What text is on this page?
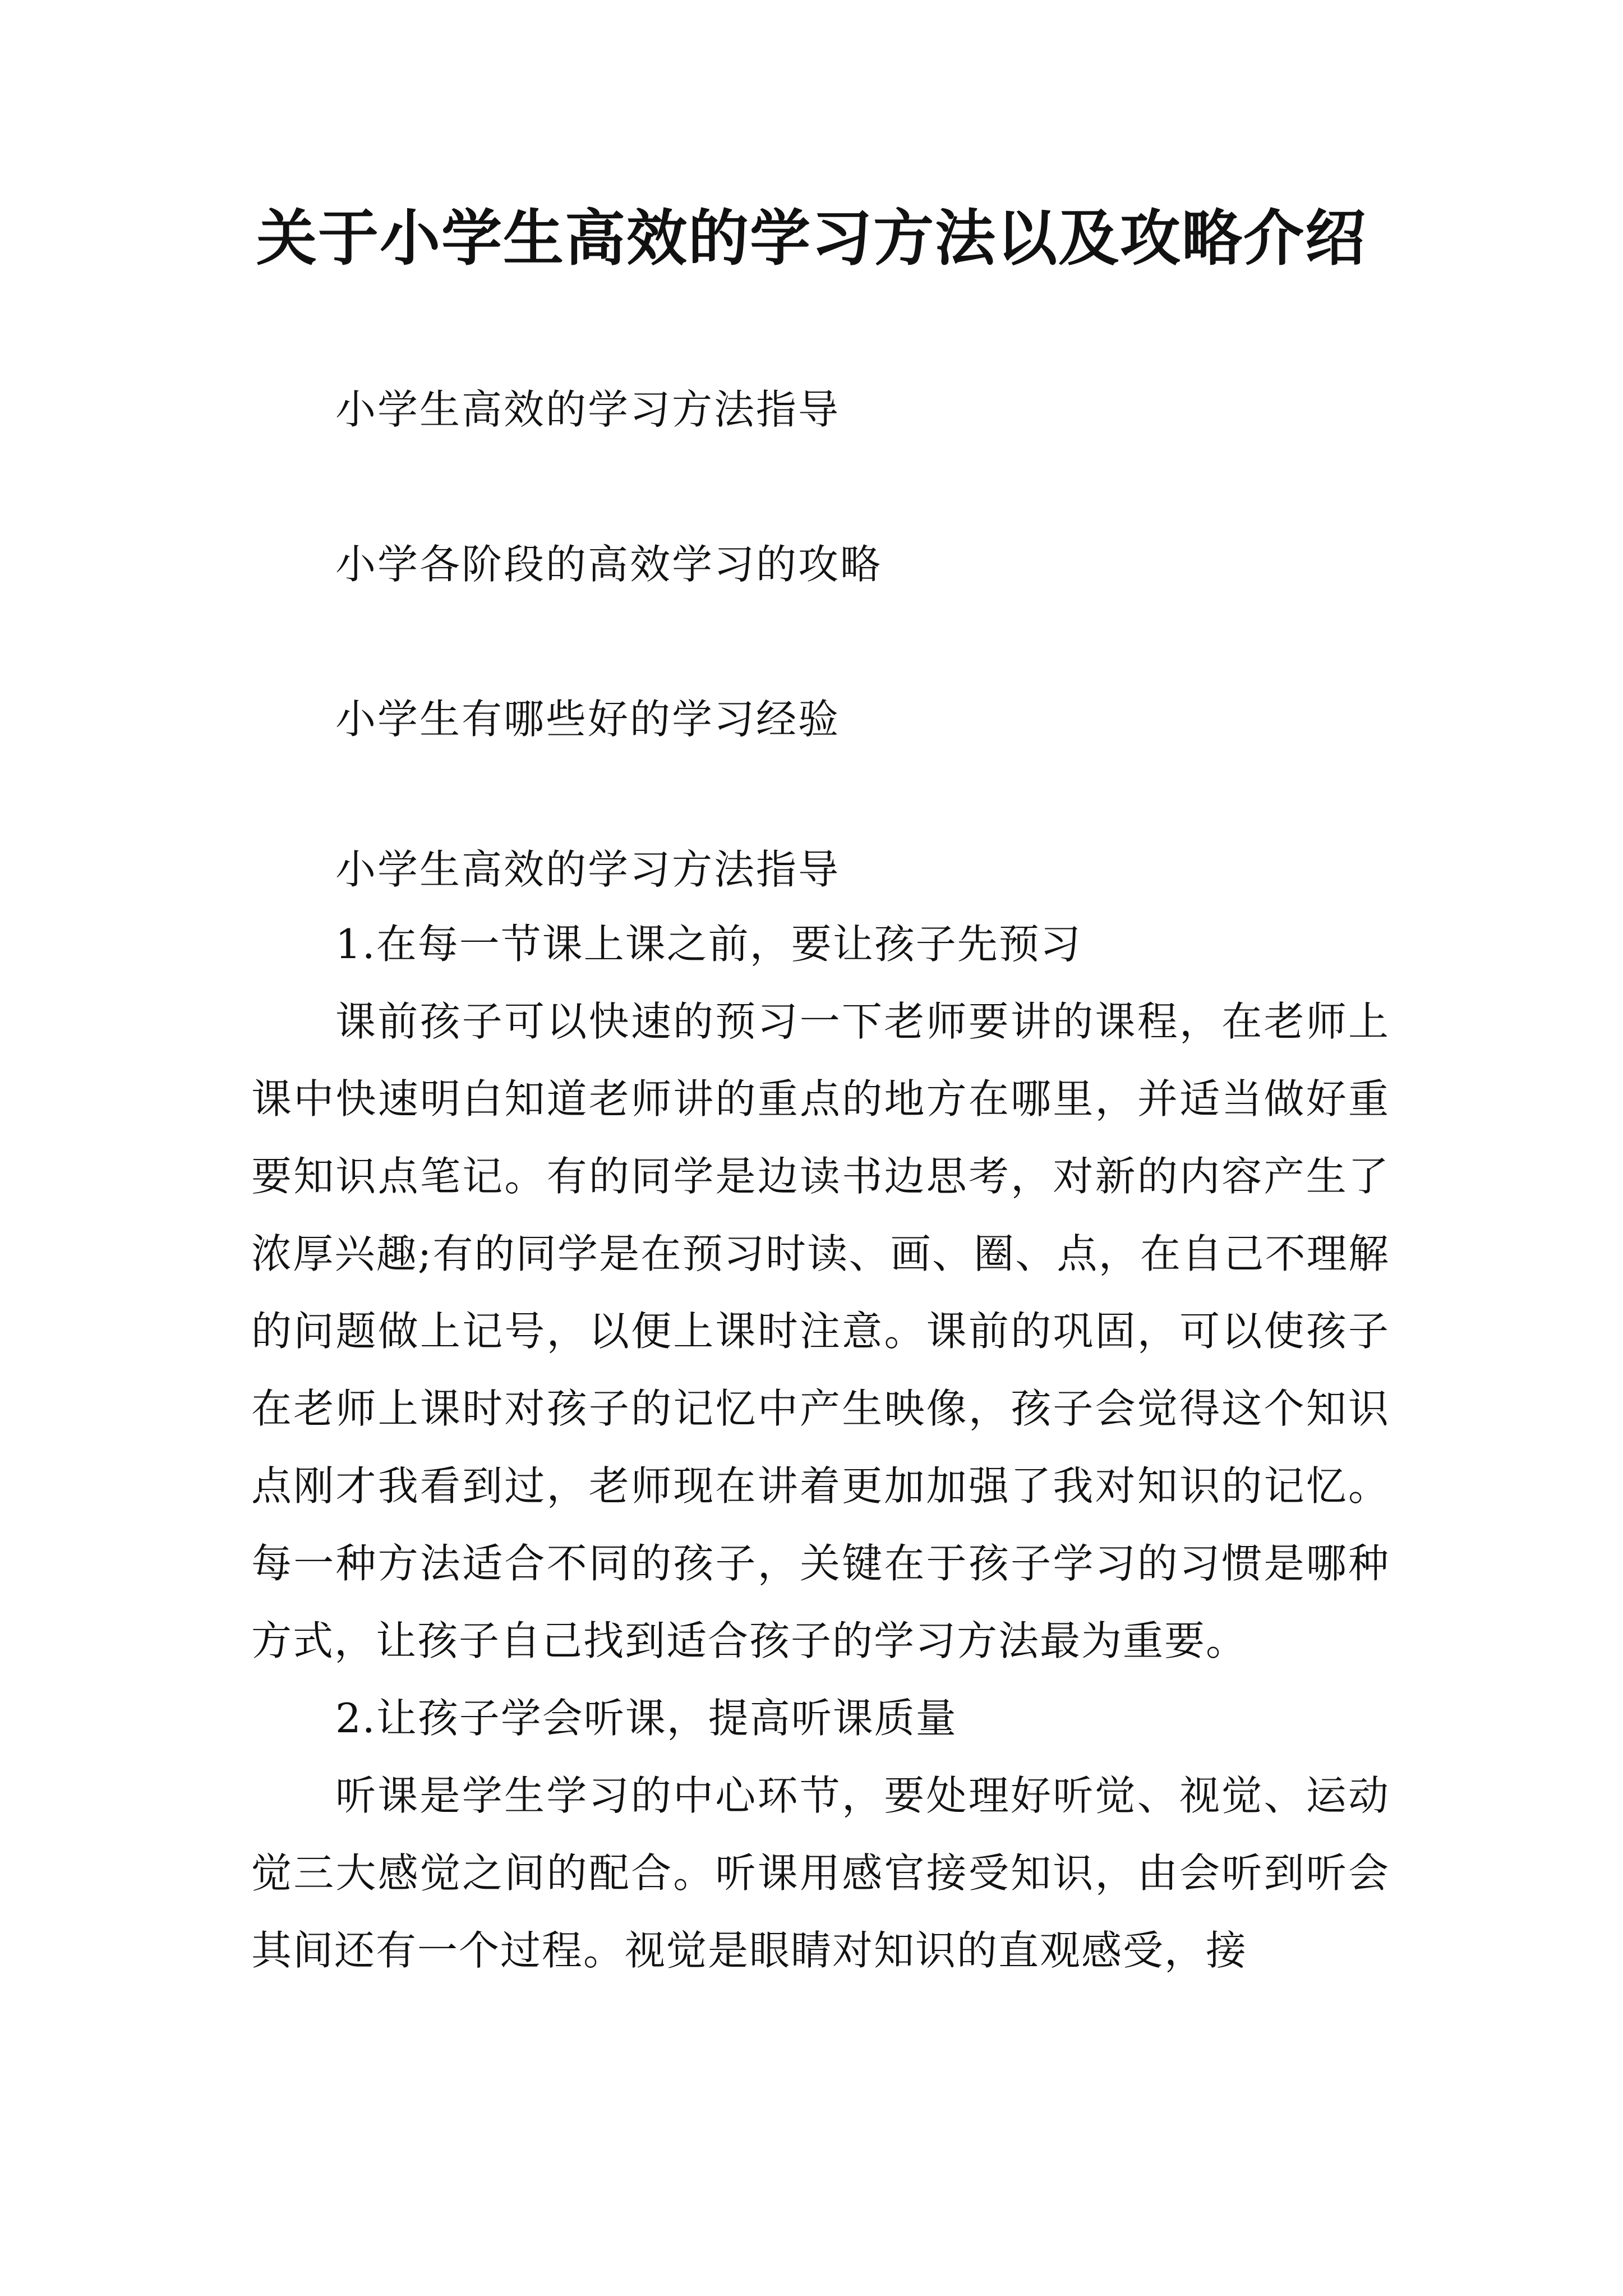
关于小学生高效的学习方法以及攻略介绍
小学生高效的学习方法指导
小学各阶段的高效学习的攻略
小学生有哪些好的学习经验
小学生高效的学习方法指导

1.在每一节课上课之前，要让孩子先预习

课前孩子可以快速的预习一下老师要讲的课程，在老师上课中快速明白知道老师讲的重点的地方在哪里，并适当做好重要知识点笔记。有的同学是边读书边思考，对新的内容产生了浓厚兴趣;有的同学是在预习时读、画、圈、点，在自己不理解的问题做上记号，以便上课时注意。课前的巩固，可以使孩子在老师上课时对孩子的记忆中产生映像，孩子会觉得这个知识点刚才我看到过，老师现在讲着更加加强了我对知识的记忆。每一种方法适合不同的孩子，关键在于孩子学习的习惯是哪种方式，让孩子自己找到适合孩子的学习方法最为重要。

2.让孩子学会听课，提高听课质量

听课是学生学习的中心环节，要处理好听觉、视觉、运动觉三大感觉之间的配合。听课用感官接受知识，由会听到听会其间还有一个过程。视觉是眼睛对知识的直观感受，接
